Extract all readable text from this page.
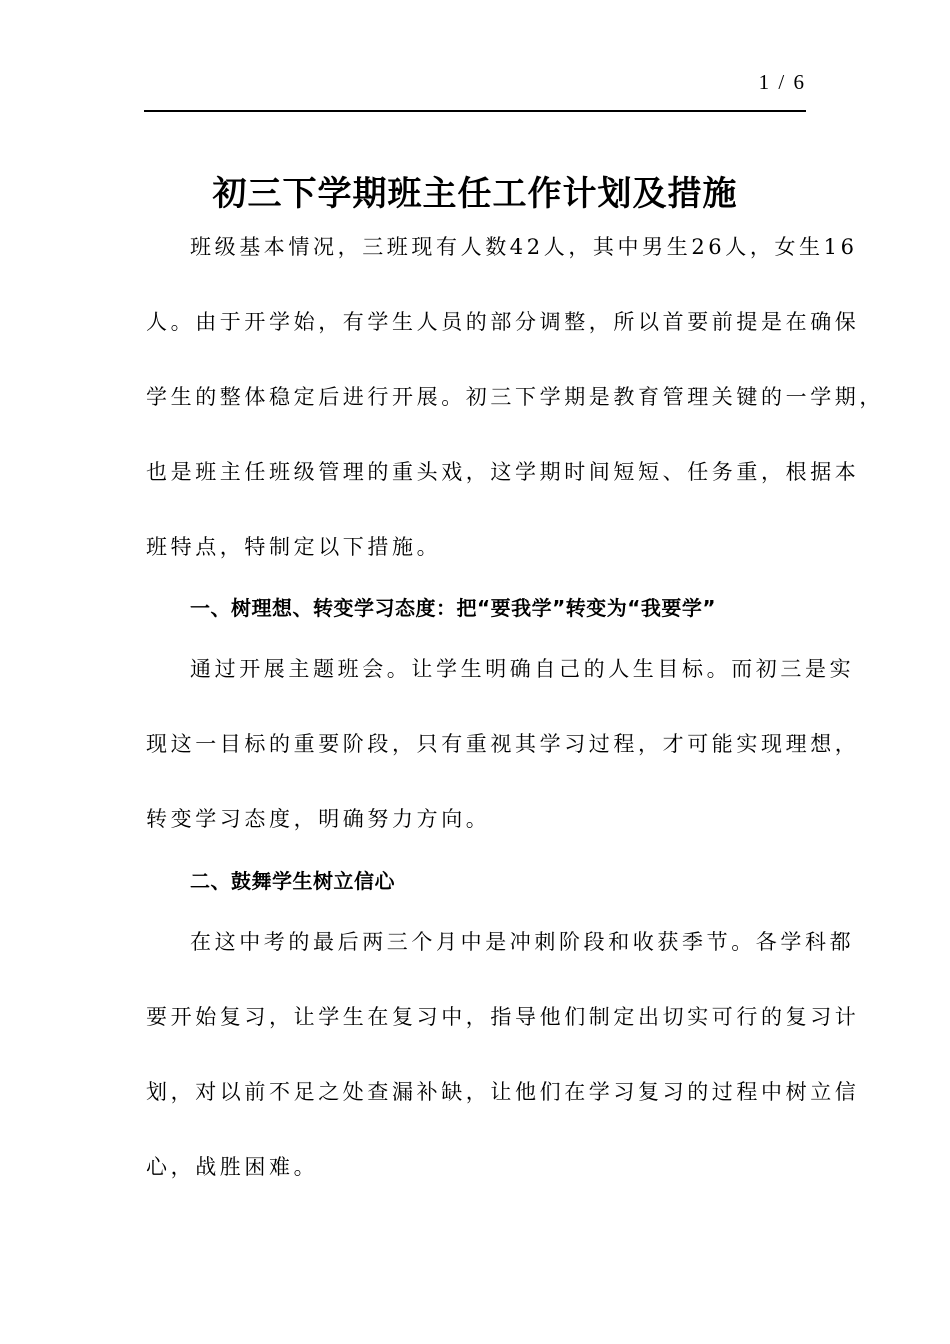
1 / 6
初三下学期班主任工作计划及措施

班级基本情况，三班现有人数42人，其中男生26人，女生16

人。由于开学始，有学生人员的部分调整，所以首要前提是在确保

学生的整体稳定后进行开展。初三下学期是教育管理关键的一学期，

也是班主任班级管理的重头戏，这学期时间短短、任务重，根据本

班特点，特制定以下措施。

一、树理想、转变学习态度：把“要我学”转变为“我要学”

通过开展主题班会。让学生明确自己的人生目标。而初三是实

现这一目标的重要阶段，只有重视其学习过程，才可能实现理想，

转变学习态度，明确努力方向。

二、鼓舞学生树立信心

在这中考的最后两三个月中是冲刺阶段和收获季节。各学科都

要开始复习，让学生在复习中，指导他们制定出切实可行的复习计

划，对以前不足之处查漏补缺，让他们在学习复习的过程中树立信

心，战胜困难。
